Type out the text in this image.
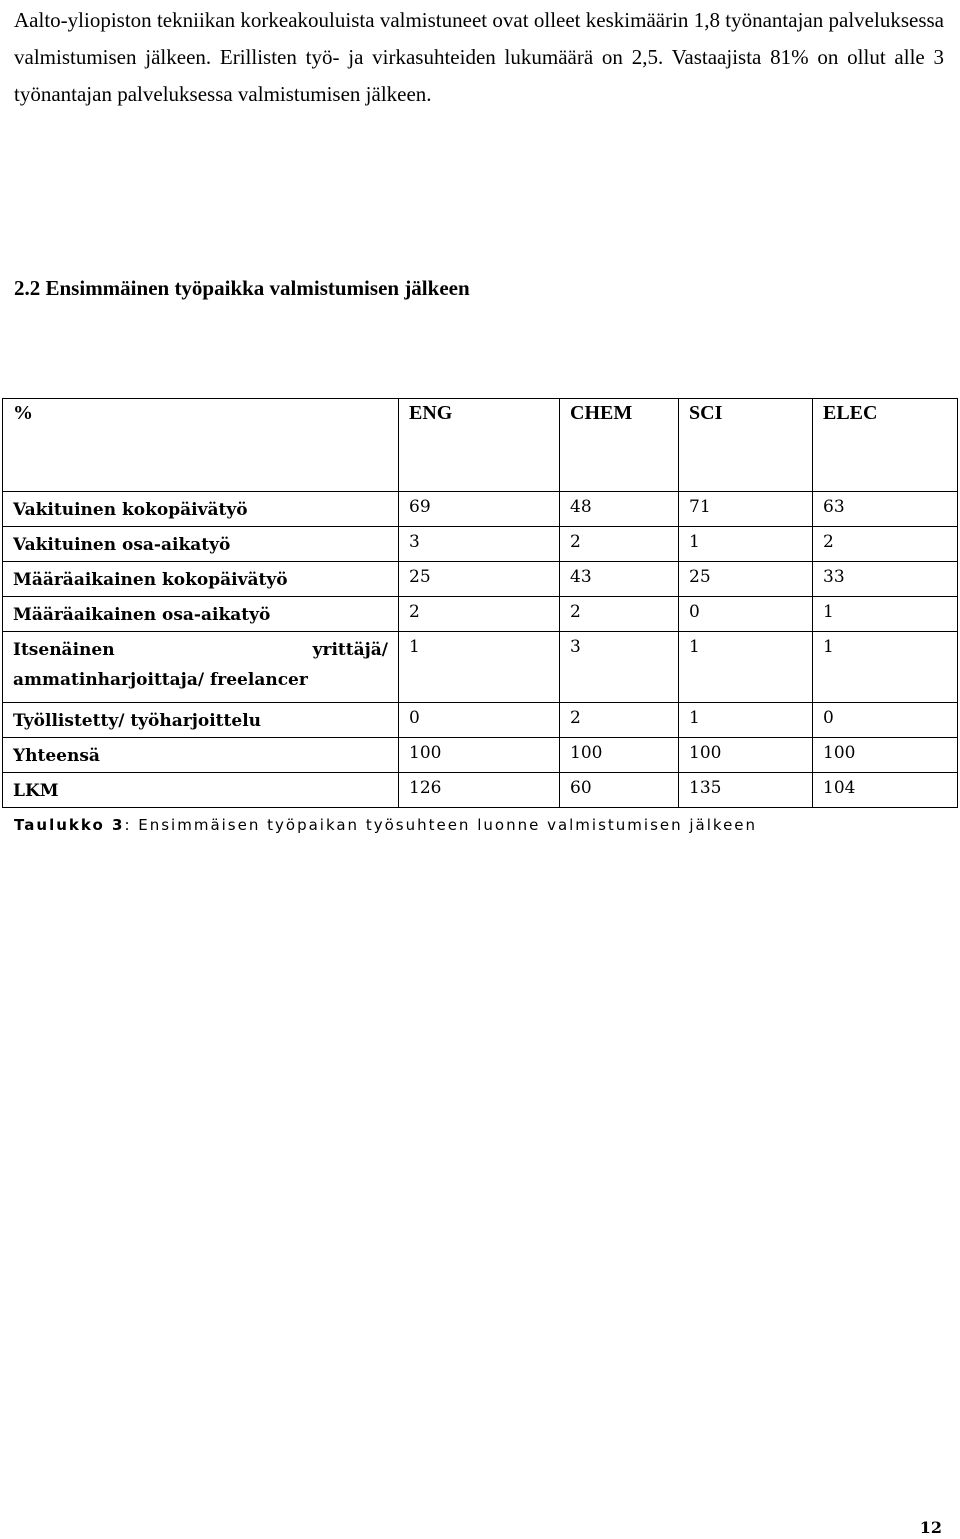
Aalto-yliopiston tekniikan korkeakouluista valmistuneet ovat olleet keskimäärin 1,8 työnantajan palveluksessa valmistumisen jälkeen. Erillisten työ- ja virkasuhteiden lukumäärä on 2,5. Vastaajista 81% on ollut alle 3 työnantajan palveluksessa valmistumisen jälkeen.

2.2 Ensimmäinen työpaikka valmistumisen jälkeen
%	ENG	CHEM	SCI	ELEC
Vakituinen kokopäivätyö	69	48	71	63
Vakituinen osa-aikatyö	3	2	1	2
Määräaikainen kokopäivätyö	25	43	25	33
Määräaikainen osa-aikatyö	2	2	0	1

Itsenäinen yrittäjä/
ammatinharjoittaja/ freelancer	1	3	1	1
Työllistetty/ työharjoittelu	0	2	1	0
Yhteensä	100	100	100	100
LKM	126	60	135	104

Taulukko 3: Ensimmäisen työpaikan työsuhteen luonne valmistumisen jälkeen

12
